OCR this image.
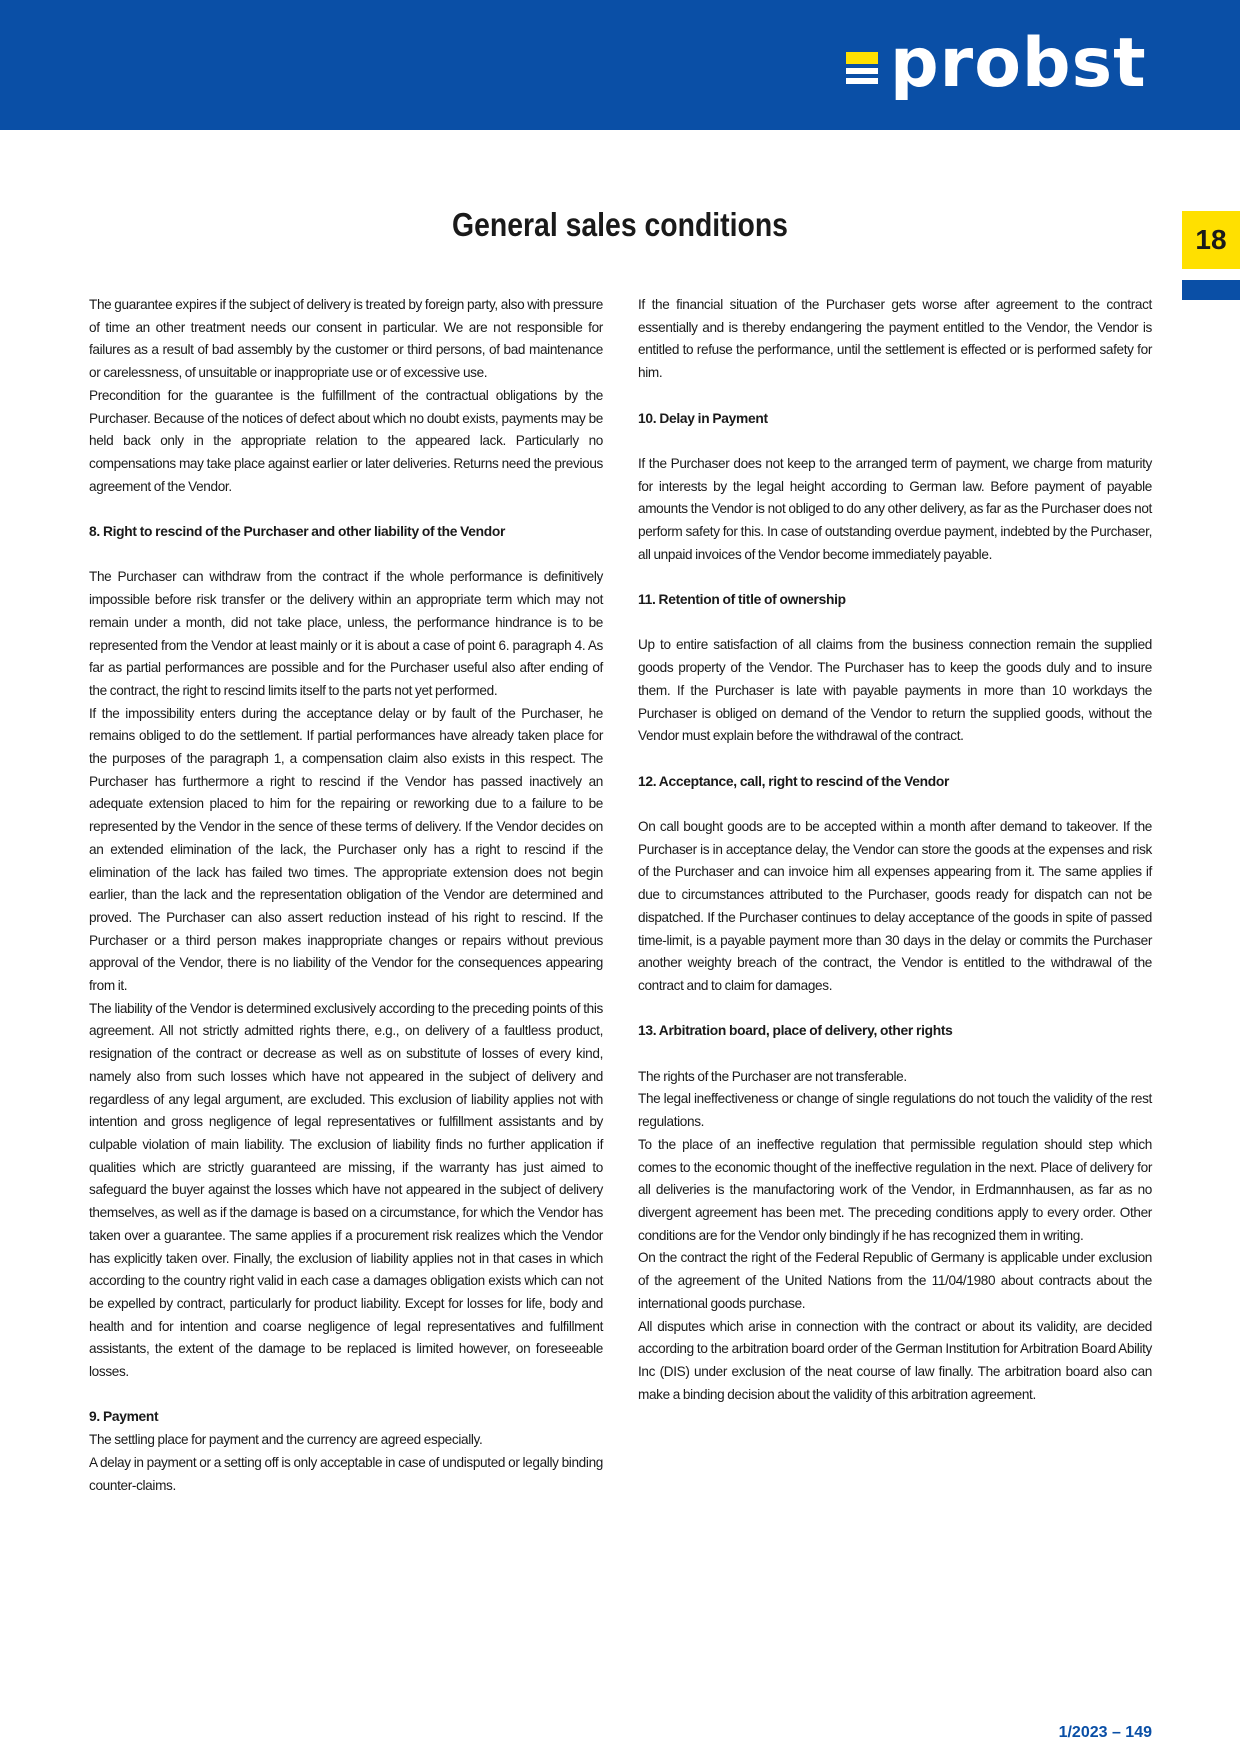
probst
General sales conditions	18

The guarantee expires if the subject of delivery is treated by foreign party, also with pressure of time an other treatment needs our consent in particular. We are not responsible for failures as a result of bad assembly by the customer or third persons, of bad maintenance or carelessness, of unsuitable or inappropriate use or of excessive use.

Precondition for the guarantee is the fulfillment of the contractual obligations by the Purchaser. Because of the notices of defect about which no doubt exists, payments may be held back only in the appropriate relation to the appeared lack. Particularly no compensations may take place against earlier or later deliveries. Returns need the previous agreement of the Vendor.

8. Right to rescind of the Purchaser and other liability of the Vendor

The Purchaser can withdraw from the contract if the whole performance is definitively impossible before risk transfer or the delivery within an appropriate term which may not remain under a month, did not take place, unless, the performance hindrance is to be represented from the Vendor at least mainly or it is about a case of point 6. paragraph 4. As far as partial performances are possible and for the Purchaser useful also after ending of the contract, the right to rescind limits itself to the parts not yet performed.

If the impossibility enters during the acceptance delay or by fault of the Purchaser, he remains obliged to do the settlement. If partial performances have already taken place for the purposes of the paragraph 1, a compensation claim also exists in this respect. The Purchaser has furthermore a right to rescind if the Vendor has passed inactively an adequate extension placed to him for the repairing or reworking due to a failure to be represented by the Vendor in the sence of these terms of delivery. If the Vendor decides on an extended elimination of the lack, the Purchaser only has a right to rescind if the elimination of the lack has failed two times. The appropriate extension does not begin earlier, than the lack and the representation obligation of the Vendor are determined and proved. The Purchaser can also assert reduction instead of his right to rescind. If the Purchaser or a third person makes inappropriate changes or repairs without previous approval of the Vendor, there is no liability of the Vendor for the consequences appearing from it.

The liability of the Vendor is determined exclusively according to the preceding points of this agreement. All not strictly admitted rights there, e.g., on delivery of a faultless product, resignation of the contract or decrease as well as on substitute of losses of every kind, namely also from such losses which have not appeared in the subject of delivery and regardless of any legal argument, are excluded. This exclusion of liability applies not with intention and gross negligence of legal representatives or fulfillment assistants and by culpable violation of main liability. The exclusion of liability finds no further application if qualities which are strictly guaranteed are missing, if the warranty has just aimed to safeguard the buyer against the losses which have not appeared in the subject of delivery themselves, as well as if the damage is based on a circumstance, for which the Vendor has taken over a guarantee. The same applies if a procurement risk realizes which the Vendor has explicitly taken over. Finally, the exclusion of liability applies not in that cases in which according to the country right valid in each case a damages obligation exists which can not be expelled by contract, particularly for product liability. Except for losses for life, body and health and for intention and coarse negligence of legal representatives and fulfillment assistants, the extent of the damage to be replaced is limited however, on foreseeable losses.

9. Payment

The settling place for payment and the currency are agreed especially.

A delay in payment or a setting off is only acceptable in case of undisputed or legally binding counter-claims.

If the financial situation of the Purchaser gets worse after agreement to the contract essentially and is thereby endangering the payment entitled to the Vendor, the Vendor is entitled to refuse the performance, until the settlement is effected or is performed safety for him.

10. Delay in Payment

If the Purchaser does not keep to the arranged term of payment, we charge from maturity for interests by the legal height according to German law. Before payment of payable amounts the Vendor is not obliged to do any other delivery, as far as the Purchaser does not perform safety for this. In case of outstanding overdue payment, indebted by the Purchaser, all unpaid invoices of the Vendor become immediately payable.

11. Retention of title of ownership

Up to entire satisfaction of all claims from the business connection remain the supplied goods property of the Vendor. The Purchaser has to keep the goods duly and to insure them. If the Purchaser is late with payable payments in more than 10 workdays the Purchaser is obliged on demand of the Vendor to return the supplied goods, without the Vendor must explain before the withdrawal of the contract.

12. Acceptance, call, right to rescind of the Vendor

On call bought goods are to be accepted within a month after demand to takeover. If the Purchaser is in acceptance delay, the Vendor can store the goods at the expenses and risk of the Purchaser and can invoice him all expenses appearing from it. The same applies if due to circumstances attributed to the Purchaser, goods ready for dispatch can not be dispatched. If the Purchaser continues to delay acceptance of the goods in spite of passed time-limit, is a payable payment more than 30 days in the delay or commits the Purchaser another weighty breach of the contract, the Vendor is entitled to the withdrawal of the contract and to claim for damages.

13. Arbitration board, place of delivery, other rights

The rights of the Purchaser are not transferable.

The legal ineffectiveness or change of single regulations do not touch the validity of the rest regulations.

To the place of an ineffective regulation that permissible regulation should step which comes to the economic thought of the ineffective regulation in the next. Place of delivery for all deliveries is the manufactoring work of the Vendor, in Erdmannhausen, as far as no divergent agreement has been met. The preceding conditions apply to every order. Other conditions are for the Vendor only bindingly if he has recognized them in writing.

On the contract the right of the Federal Republic of Germany is applicable under exclusion of the agreement of the United Nations from the 11/04/1980 about contracts about the international goods purchase.

All disputes which arise in connection with the contract or about its validity, are decided according to the arbitration board order of the German Institution for Arbitration Board Ability Inc (DIS) under exclusion of the neat course of law finally. The arbitration board also can make a binding decision about the validity of this arbitration agreement.

1/2023 – 149
